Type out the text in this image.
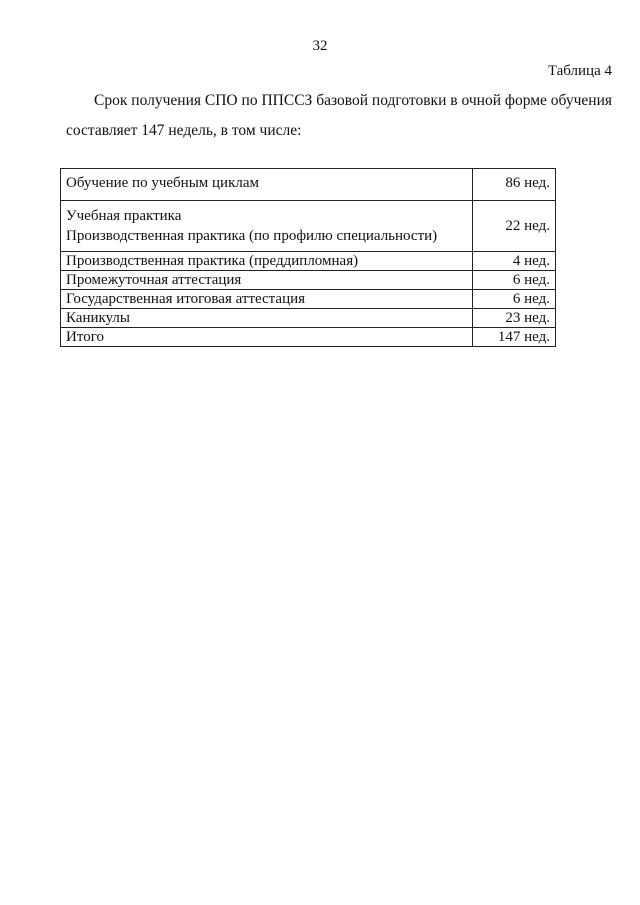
32
Таблица 4

Срок получения СПО по ППССЗ базовой подготовки в очной форме обучения составляет 147 недель, в том числе:

Обучение по учебным циклам	86 нед.

Учебная практика
Производственная практика (по профилю специальности)	22 нед.
Производственная практика (преддипломная)	4 нед.
Промежуточная аттестация	6 нед.
Государственная итоговая аттестация	6 нед.
Каникулы	23 нед.
Итого	147 нед.
